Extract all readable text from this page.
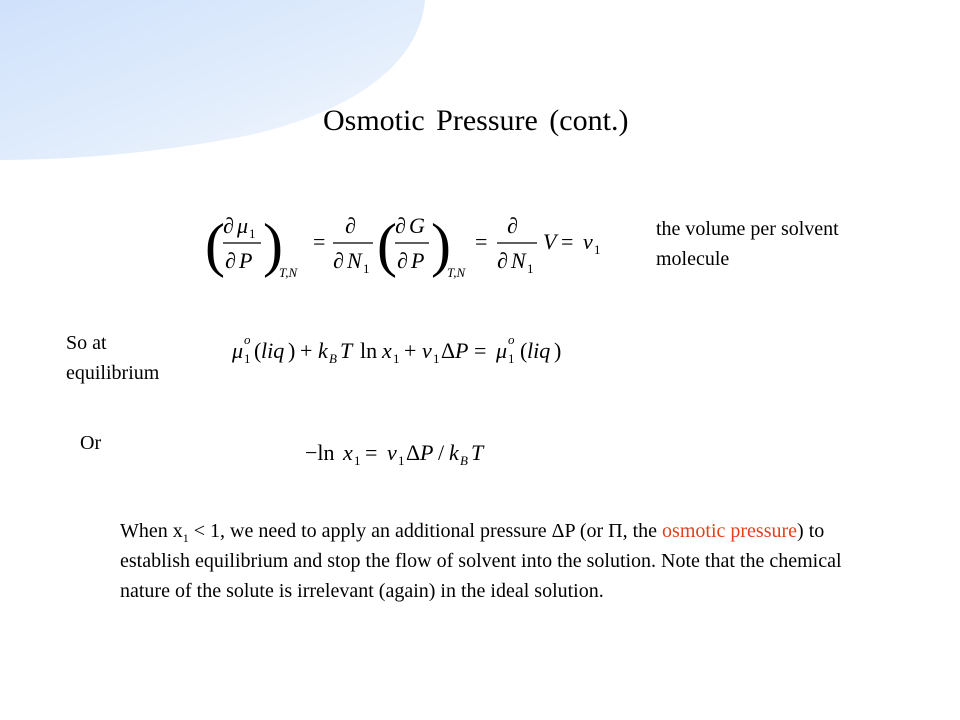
Osmotic Pressure (cont.)
(
∂ μ 1
∂ P )
T,N
=
∂
∂ N 1 (
∂ G
∂ P )
T,N
=
∂
∂ N 1
V = v 1
the volume per solvent molecule
So at
equilibrium
μ 1
o ( liq ) + k B T ln x 1 + v 1 Δ P = μ 1
o ( liq )
Or	−ln x 1 = v 1 Δ P / k B T
When $x_1 < 1$, we need to apply an additional pressure ΔP (or Π, the osmotic pressure) to establish equilibrium and stop the flow of solvent into the solution. Note that the chemical nature of the solute is irrelevant (again) in the ideal solution.
